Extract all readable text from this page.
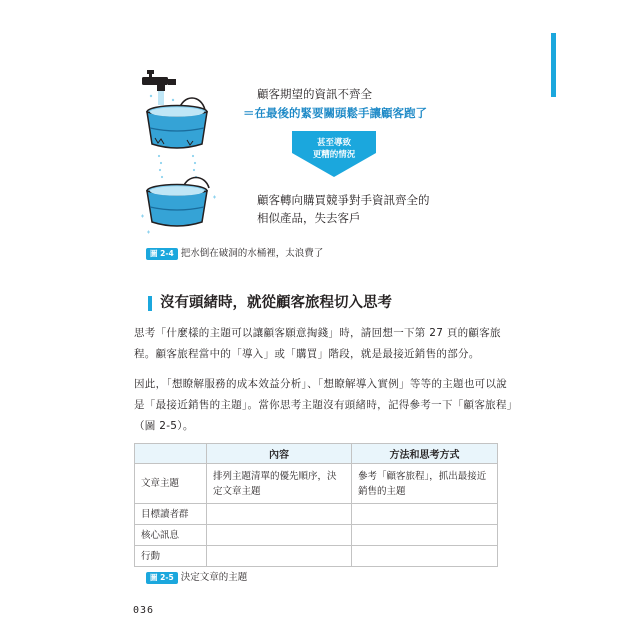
顧客期望的資訊不齊全
＝在最後的緊要關頭鬆手讓顧客跑了
甚至導致
更糟的情況
顧客轉向購買競爭對手資訊齊全的
相似產品，失去客戶
圖 2-4 把水倒在破洞的水桶裡，太浪費了
沒有頭緒時，就從顧客旅程切入思考
思考「什麼樣的主題可以讓顧客願意掏錢」時，請回想一下第 27 頁的顧客旅程。顧客旅程當中的「導入」或「購買」階段，就是最接近銷售的部分。
因此，「想瞭解服務的成本效益分析」、「想瞭解導入實例」等等的主題也可以說是「最接近銷售的主題」。當你思考主題沒有頭緒時，記得參考一下「顧客旅程」（圖 2-5）。
	內容	方法和思考方式
文章主題	排列主題清單的優先順序，決定文章主題	參考「顧客旅程」，抓出最接近銷售的主題
目標讀者群		
核心訊息		
行動		
圖 2-5 決定文章的主題
036
